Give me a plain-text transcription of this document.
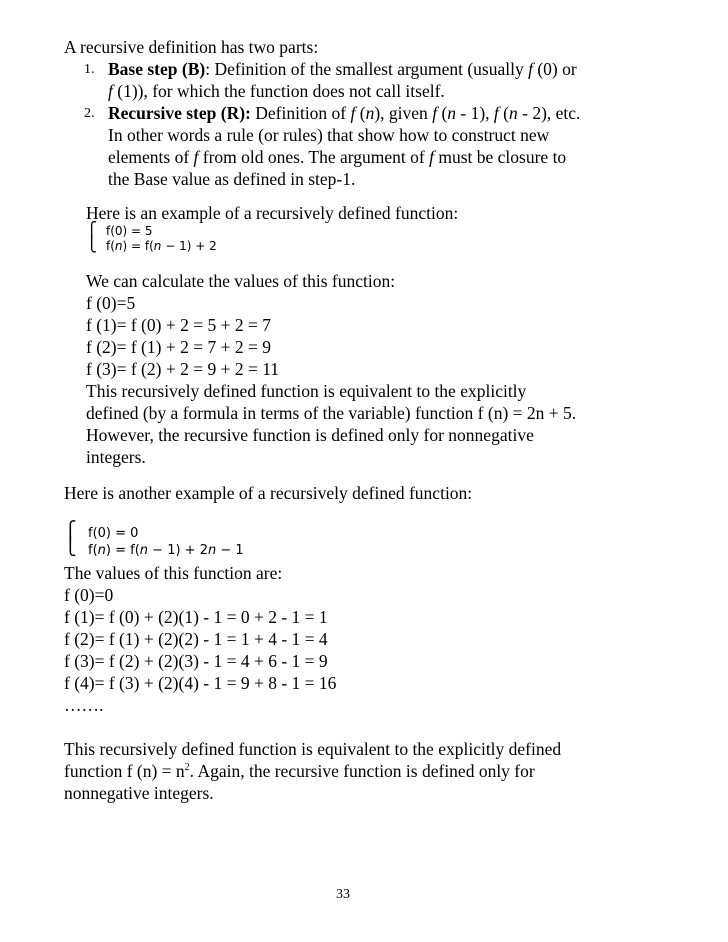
A recursive definition has two parts:
1. Base step (B): Definition of the smallest argument (usually f (0) or
f (1)), for which the function does not call itself.
2. Recursive step (R): Definition of f (n), given f (n - 1), f (n - 2), etc.
In other words a rule (or rules) that show how to construct new
elements of f from old ones. The argument of f must be closure to
the Base value as defined in step-1.
Here is an example of a recursively defined function:
⎧
⎩
f(0) = 5
f(n) = f(n − 1) + 2
We can calculate the values of this function:
f (0)=5
f (1)= f (0) + 2 = 5 + 2 = 7
f (2)= f (1) + 2 = 7 + 2 = 9
f (3)= f (2) + 2 = 9 + 2 = 11
This recursively defined function is equivalent to the explicitly
defined (by a formula in terms of the variable) function f (n) = 2n + 5.
However, the recursive function is defined only for nonnegative
integers.
Here is another example of a recursively defined function:
⎧
⎩
f(0) = 0
f(n) = f(n − 1) + 2n − 1
The values of this function are:
f (0)=0
f (1)= f (0) + (2)(1) - 1 = 0 + 2 - 1 = 1
f (2)= f (1) + (2)(2) - 1 = 1 + 4 - 1 = 4
f (3)= f (2) + (2)(3) - 1 = 4 + 6 - 1 = 9
f (4)= f (3) + (2)(4) - 1 = 9 + 8 - 1 = 16
…….
This recursively defined function is equivalent to the explicitly defined
function f $(n) = n^2$. Again, the recursive function is defined only for
nonnegative integers.
33
